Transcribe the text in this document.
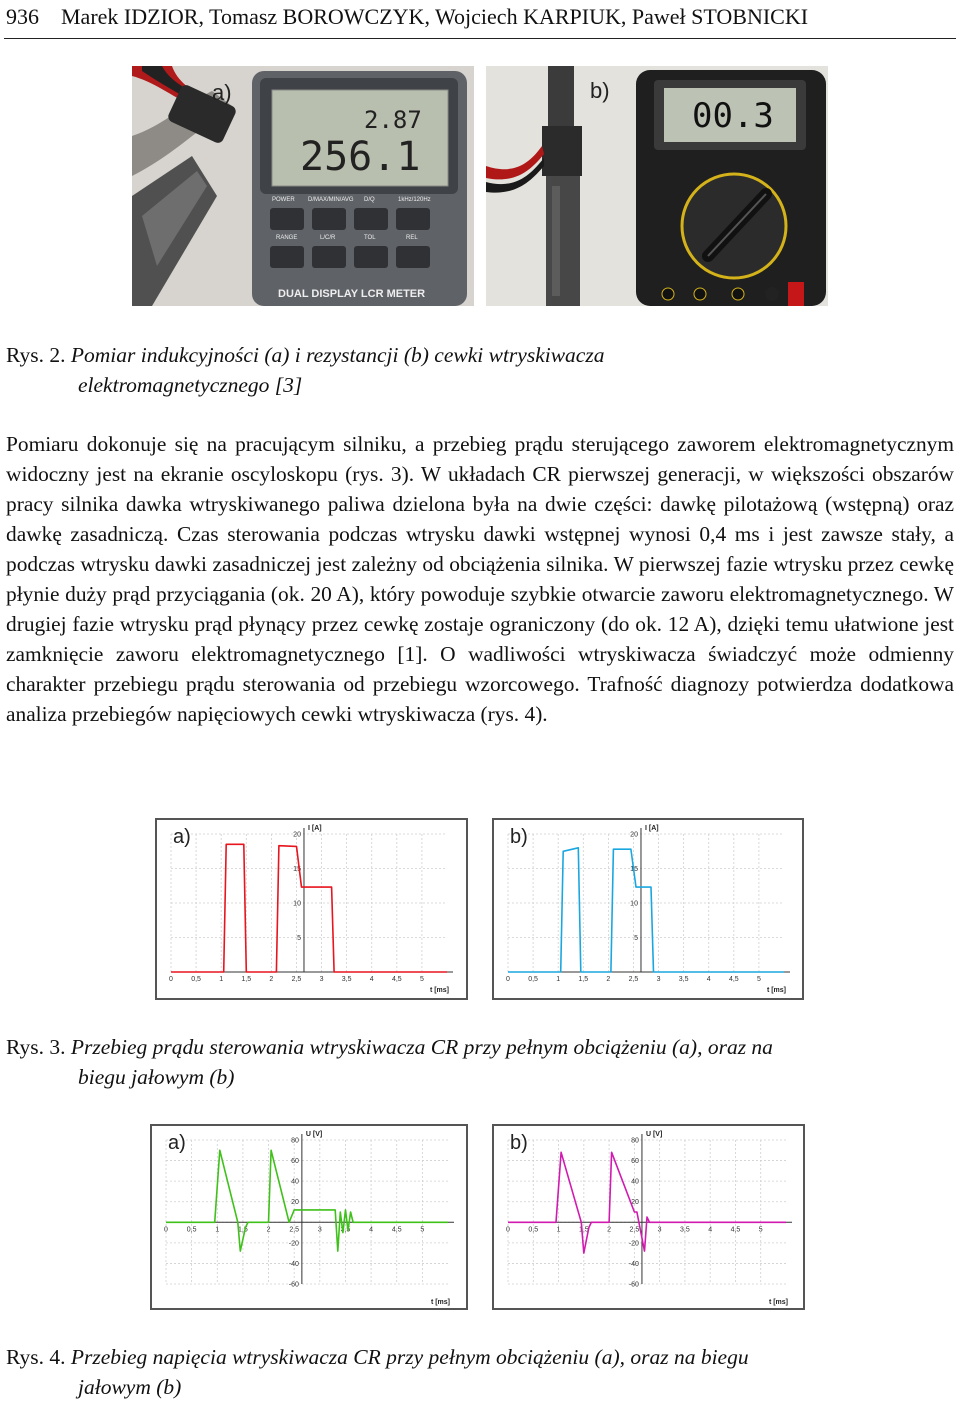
936 Marek IDZIOR, Tomasz BOROWCZYK, Wojciech KARPIUK, Paweł STOBNICKI
a)
2.87
256.1
POWER D/MAX/MIN/AVG D/Q	1kHz/120Hz
RANGE	L/C/R	TOL	REL
DUAL DISPLAY LCR METER
b)
00.3
Rys. 2. Pomiar indukcyjności (a) i rezystancji (b) cewki wtryskiwacza
elektromagnetycznego [3]
Pomiaru dokonuje się na pracującym silniku, a przebieg prądu sterującego zaworem elektromagnetycznym widoczny jest na ekranie oscyloskopu (rys. 3). W układach CR pierwszej generacji, w większości obszarów pracy silnika dawka wtryskiwanego paliwa dzielona była na dwie części: dawkę pilotażową (wstępną) oraz dawkę zasadniczą. Czas sterowania podczas wtrysku dawki wstępnej wynosi 0,4 ms i jest zawsze stały, a podczas wtrysku dawki zasadniczej jest zależny od obciążenia silnika. W pierwszej fazie wtrysku przez cewkę płynie duży prąd przyciągania (ok. 20 A), który powoduje szybkie otwarcie zaworu elektromagnetycznego. W drugiej fazie wtrysku prąd płynący przez cewkę zostaje ograniczony (do ok. 12 A), dzięki temu ułatwione jest zamknięcie zaworu elektromagnetycznego [1]. O wadliwości wtryskiwacza świadczyć może odmienny charakter przebiegu prądu sterowania od przebiegu wzorcowego. Trafność diagnozy potwierdza dodatkowa analiza przebiegów napięciowych cewki wtryskiwacza (rys. 4).
0	0,5	1	1,5	2	2,5	3	3,5	4	4,5	5
5
10
15
20
t [ms]
I [A]
a)
0	0,5	1	1,5	2	2,5	3	3,5	4	4,5	5
5
10
15
20
t [ms]
I [A]
b)
Rys. 3. Przebieg prądu sterowania wtryskiwacza CR przy pełnym obciążeniu (a), oraz na
biegu jałowym (b)
0	0,5	1	1,5	2	2,5	3	3,5	4	4,5	5
-60
-40
-20
20
40
60
80
t [ms]
U [V]
a)
0	0,5	1	1,5	2	2,5	3	3,5	4	4,5	5
-60
-40
-20
20
40
60
80
t [ms]
U [V]
b)
Rys. 4. Przebieg napięcia wtryskiwacza CR przy pełnym obciążeniu (a), oraz na biegu
jałowym (b)
